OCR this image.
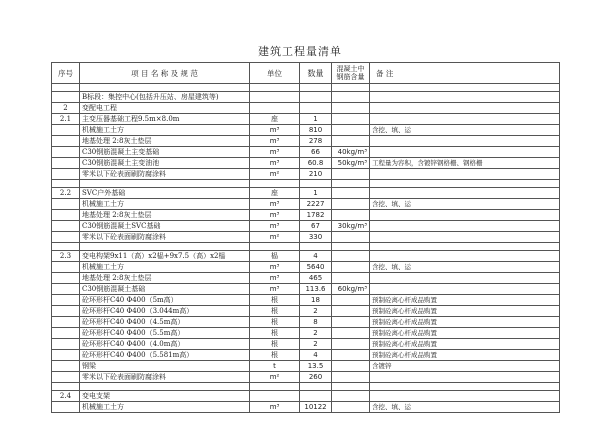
建筑工程量清单
序号	项 目 名 称 及 规 范	单位	数量	混凝土中钢筋含量	备 注

	B标段：集控中心(包括升压站、房屋建筑等)				
2	变配电工程				
2.1	主变压器基础工程9.5m×8.0m	座	1		
	机械施工土方	m³	810		含挖、填、运
	地基处理 2:8灰土垫层	m³	278		
	C30钢筋混凝土主变基础	m³	66	40kg/m³	
	C30钢筋混凝土主变油池	m³	60.8	50kg/m³	工程量为容积，含镀锌钢格栅、钢格栅
	零米以下砼表面刷防腐涂料	m²	210		

2.2	SVC户外基础	座	1		
	机械施工土方	m³	2227		含挖、填、运
	地基处理 2:8灰土垫层	m³	1782		
	C30钢筋混凝土SVC基础	m³	67	30kg/m³	
	零米以下砼表面刷防腐涂料	m²	330		

2.3	变电构架9x11（高）x2榀+9x7.5（高）x2榀	榀	4		
	机械施工土方	m³	5640		含挖、填、运
	地基处理 2:8灰土垫层	m³	465		
	C30钢筋混凝土基础	m³	113.6	60kg/m³	
	砼环形杆C40 Φ400（5m高）	根	18		预制砼离心杆成品购置
	砼环形杆C40 Φ400（3.044m高）	根	2		预制砼离心杆成品购置
	砼环形杆C40 Φ400（4.5m高）	根	8		预制砼离心杆成品购置
	砼环形杆C40 Φ400（5.5m高）	根	2		预制砼离心杆成品购置
	砼环形杆C40 Φ400（4.0m高）	根	2		预制砼离心杆成品购置
	砼环形杆C40 Φ400（5.581m高）	根	4		预制砼离心杆成品购置
	钢梁	t	13.5		含镀锌
	零米以下砼表面刷防腐涂料	m²	260		

2.4	变电支架				
	机械施工土方	m³	10122		含挖、填、运
